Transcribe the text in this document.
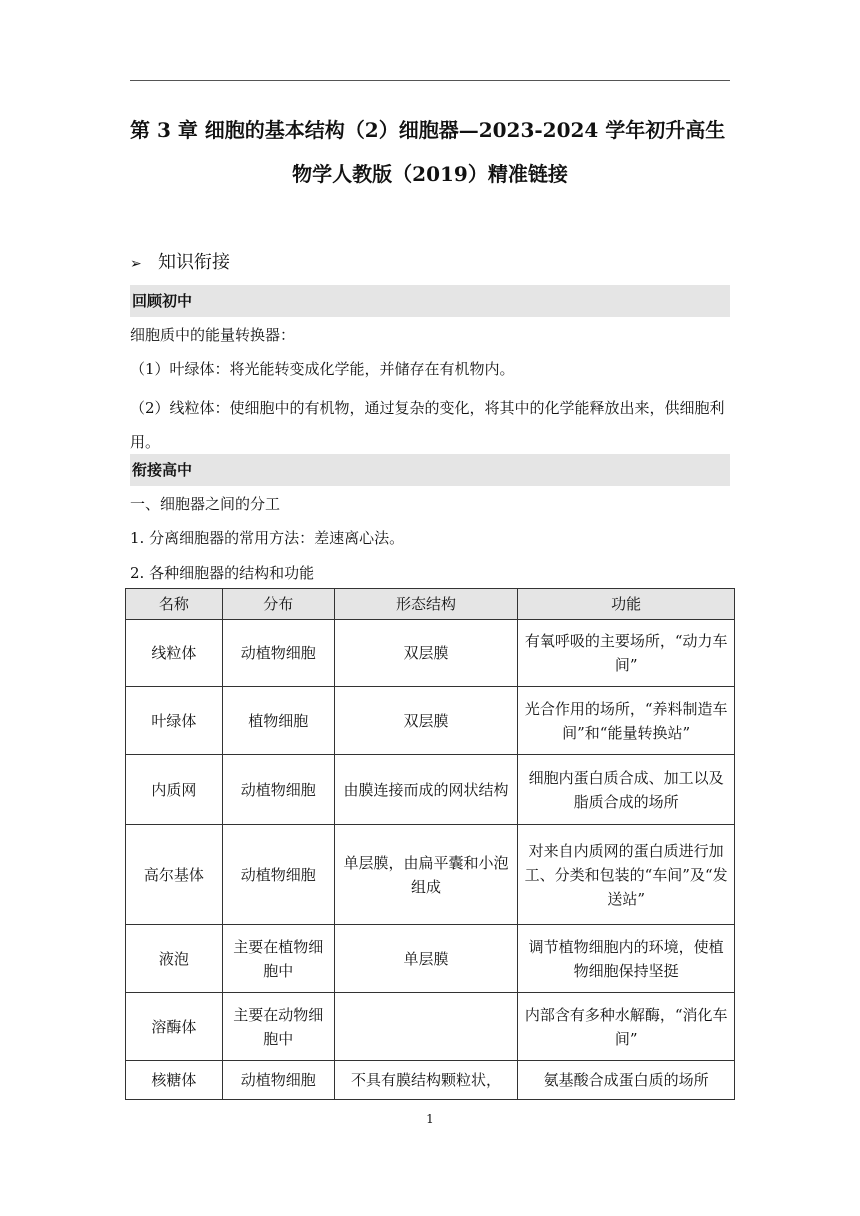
第 3 章 细胞的基本结构（2）细胞器—2023-2024 学年初升高生
物学人教版（2019）精准链接
➢ 知识衔接
回顾初中
细胞质中的能量转换器：
（1）叶绿体：将光能转变成化学能，并储存在有机物内。
（2）线粒体：使细胞中的有机物，通过复杂的变化，将其中的化学能释放出来，供细胞利用。
衔接高中
一、细胞器之间的分工
1. 分离细胞器的常用方法：差速离心法。
2. 各种细胞器的结构和功能
名称	分布	形态结构	功能
线粒体	动植物细胞	双层膜	有氧呼吸的主要场所，“动力车间”
叶绿体	植物细胞	双层膜	光合作用的场所，“养料制造车间”和“能量转换站”
内质网	动植物细胞	由膜连接而成的网状结构	细胞内蛋白质合成、加工以及脂质合成的场所
高尔基体	动植物细胞	单层膜，由扁平囊和小泡组成	对来自内质网的蛋白质进行加工、分类和包装的“车间”及“发送站”
液泡	主要在植物细胞中	单层膜	调节植物细胞内的环境，使植物细胞保持坚挺
溶酶体	主要在动物细胞中		内部含有多种水解酶，“消化车间”
核糖体	动植物细胞	不具有膜结构颗粒状，	氨基酸合成蛋白质的场所
1
